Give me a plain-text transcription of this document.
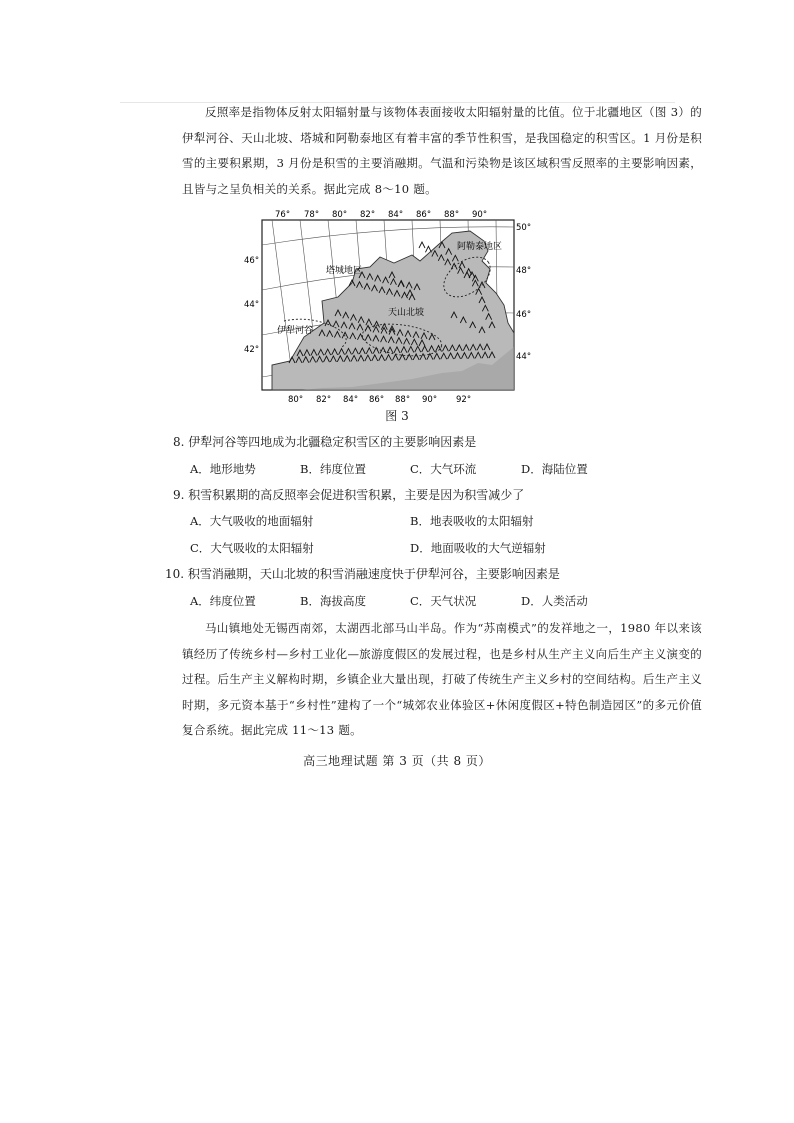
反照率是指物体反射太阳辐射量与该物体表面接收太阳辐射量的比值。位于北疆地区（图 3）的伊犁河谷、天山北坡、塔城和阿勒泰地区有着丰富的季节性积雪，是我国稳定的积雪区。1 月份是积雪的主要积累期，3 月份是积雪的主要消融期。气温和污染物是该区域积雪反照率的主要影响因素，且皆与之呈负相关的关系。据此完成 8～10 题。

阿勒泰地区
塔城地区
天山北坡
伊犁河谷
76° 78° 80° 82° 84° 86° 88° 90°
80° 82° 84° 86° 88° 90° 92°
46°
44°
42°
50°
48°
46°
44°
图 3
8. 伊犁河谷等四地成为北疆稳定积雪区的主要影响因素是
A．地形地势	B．纬度位置	C．大气环流	D．海陆位置
9. 积雪积累期的高反照率会促进积雪积累，主要是因为积雪减少了
A．大气吸收的地面辐射	B．地表吸收的太阳辐射
C．大气吸收的太阳辐射	D．地面吸收的大气逆辐射
10. 积雪消融期，天山北坡的积雪消融速度快于伊犁河谷，主要影响因素是
A．纬度位置	B．海拔高度	C．天气状况	D．人类活动

马山镇地处无锡西南郊，太湖西北部马山半岛。作为“苏南模式”的发祥地之一，1980 年以来该镇经历了传统乡村—乡村工业化—旅游度假区的发展过程，也是乡村从生产主义向后生产主义演变的过程。后生产主义解构时期，乡镇企业大量出现，打破了传统生产主义乡村的空间结构。后生产主义时期，多元资本基于“乡村性”建构了一个“城郊农业体验区+休闲度假区+特色制造园区”的多元价值复合系统。据此完成 11～13 题。

高三地理试题 第 3 页（共 8 页）
